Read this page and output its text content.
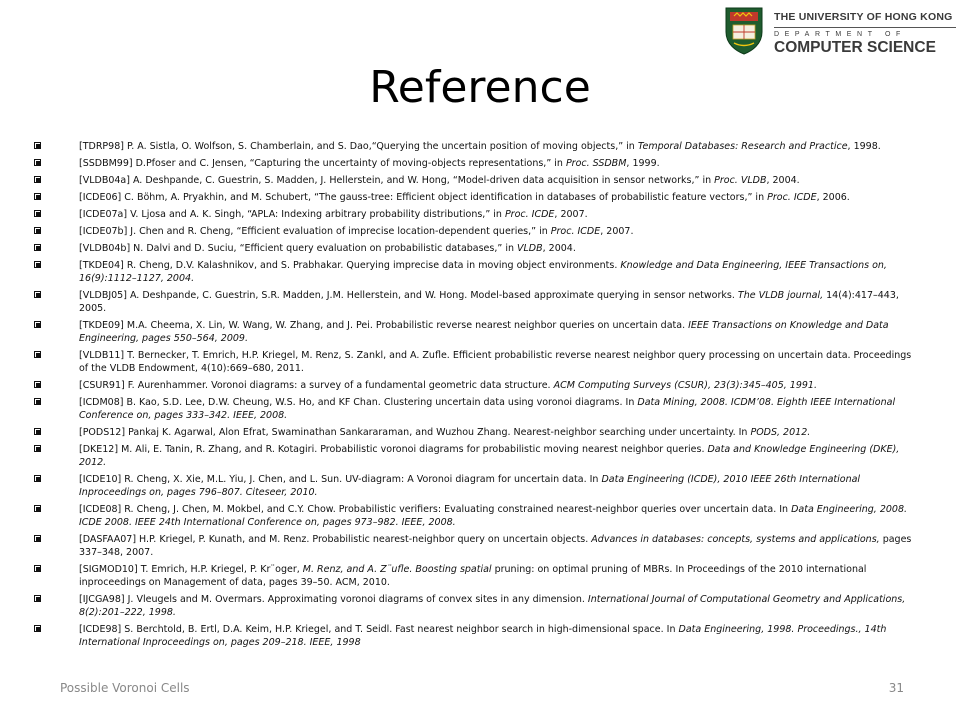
THE UNIVERSITY OF HONG KONG
DEPARTMENT OF
COMPUTER SCIENCE
Reference
[TDRP98] P. A. Sistla, O. Wolfson, S. Chamberlain, and S. Dao,“Querying the uncertain position of moving objects,” in Temporal Databases: Research and Practice, 1998.
[SSDBM99] D.Pfoser and C. Jensen, “Capturing the uncertainty of moving-objects representations,” in Proc. SSDBM, 1999.
[VLDB04a] A. Deshpande, C. Guestrin, S. Madden, J. Hellerstein, and W. Hong, “Model-driven data acquisition in sensor networks,” in Proc. VLDB, 2004.
[ICDE06] C. Böhm, A. Pryakhin, and M. Schubert, “The gauss-tree: Efficient object identification in databases of probabilistic feature vectors,” in Proc. ICDE, 2006.
[ICDE07a] V. Ljosa and A. K. Singh, “APLA: Indexing arbitrary probability distributions,” in Proc. ICDE, 2007.
[ICDE07b] J. Chen and R. Cheng, “Efficient evaluation of imprecise location-dependent queries,” in Proc. ICDE, 2007.
[VLDB04b] N. Dalvi and D. Suciu, “Efficient query evaluation on probabilistic databases,” in VLDB, 2004.
[TKDE04] R. Cheng, D.V. Kalashnikov, and S. Prabhakar. Querying imprecise data in moving object environments. Knowledge and Data Engineering, IEEE Transactions on, 16(9):1112–1127, 2004.
[VLDBJ05] A. Deshpande, C. Guestrin, S.R. Madden, J.M. Hellerstein, and W. Hong. Model-based approximate querying in sensor networks. The VLDB journal, 14(4):417–443, 2005.
[TKDE09] M.A. Cheema, X. Lin, W. Wang, W. Zhang, and J. Pei. Probabilistic reverse nearest neighbor queries on uncertain data. IEEE Transactions on Knowledge and Data Engineering, pages 550–564, 2009.
[VLDB11] T. Bernecker, T. Emrich, H.P. Kriegel, M. Renz, S. Zankl, and A. Zufle. Efficient probabilistic reverse nearest neighbor query processing on uncertain data. Proceedings of the VLDB Endowment, 4(10):669–680, 2011.
[CSUR91] F. Aurenhammer. Voronoi diagrams: a survey of a fundamental geometric data structure. ACM Computing Surveys (CSUR), 23(3):345–405, 1991.
[ICDM08] B. Kao, S.D. Lee, D.W. Cheung, W.S. Ho, and KF Chan. Clustering uncertain data using voronoi diagrams. In Data Mining, 2008. ICDM’08. Eighth IEEE International Conference on, pages 333–342. IEEE, 2008.
[PODS12] Pankaj K. Agarwal, Alon Efrat, Swaminathan Sankararaman, and Wuzhou Zhang. Nearest-neighbor searching under uncertainty. In PODS, 2012.
[DKE12] M. Ali, E. Tanin, R. Zhang, and R. Kotagiri. Probabilistic voronoi diagrams for probabilistic moving nearest neighbor queries. Data and Knowledge Engineering (DKE), 2012.
[ICDE10] R. Cheng, X. Xie, M.L. Yiu, J. Chen, and L. Sun. UV-diagram: A Voronoi diagram for uncertain data. In Data Engineering (ICDE), 2010 IEEE 26th International Inproceedings on, pages 796–807. Citeseer, 2010.
[ICDE08] R. Cheng, J. Chen, M. Mokbel, and C.Y. Chow. Probabilistic verifiers: Evaluating constrained nearest-neighbor queries over uncertain data. In Data Engineering, 2008. ICDE 2008. IEEE 24th International Conference on, pages 973–982. IEEE, 2008.
[DASFAA07] H.P. Kriegel, P. Kunath, and M. Renz. Probabilistic nearest-neighbor query on uncertain objects. Advances in databases: concepts, systems and applications, pages 337–348, 2007.
[SIGMOD10] T. Emrich, H.P. Kriegel, P. Kr¨oger, M. Renz, and A. Z¨ufle. Boosting spatial pruning: on optimal pruning of MBRs. In Proceedings of the 2010 international inproceedings on Management of data, pages 39–50. ACM, 2010.
[IJCGA98] J. Vleugels and M. Overmars. Approximating voronoi diagrams of convex sites in any dimension. International Journal of Computational Geometry and Applications, 8(2):201–222, 1998.
[ICDE98] S. Berchtold, B. Ertl, D.A. Keim, H.P. Kriegel, and T. Seidl. Fast nearest neighbor search in high-dimensional space. In Data Engineering, 1998. Proceedings., 14th International Inproceedings on, pages 209–218. IEEE, 1998
Possible Voronoi Cells	31
